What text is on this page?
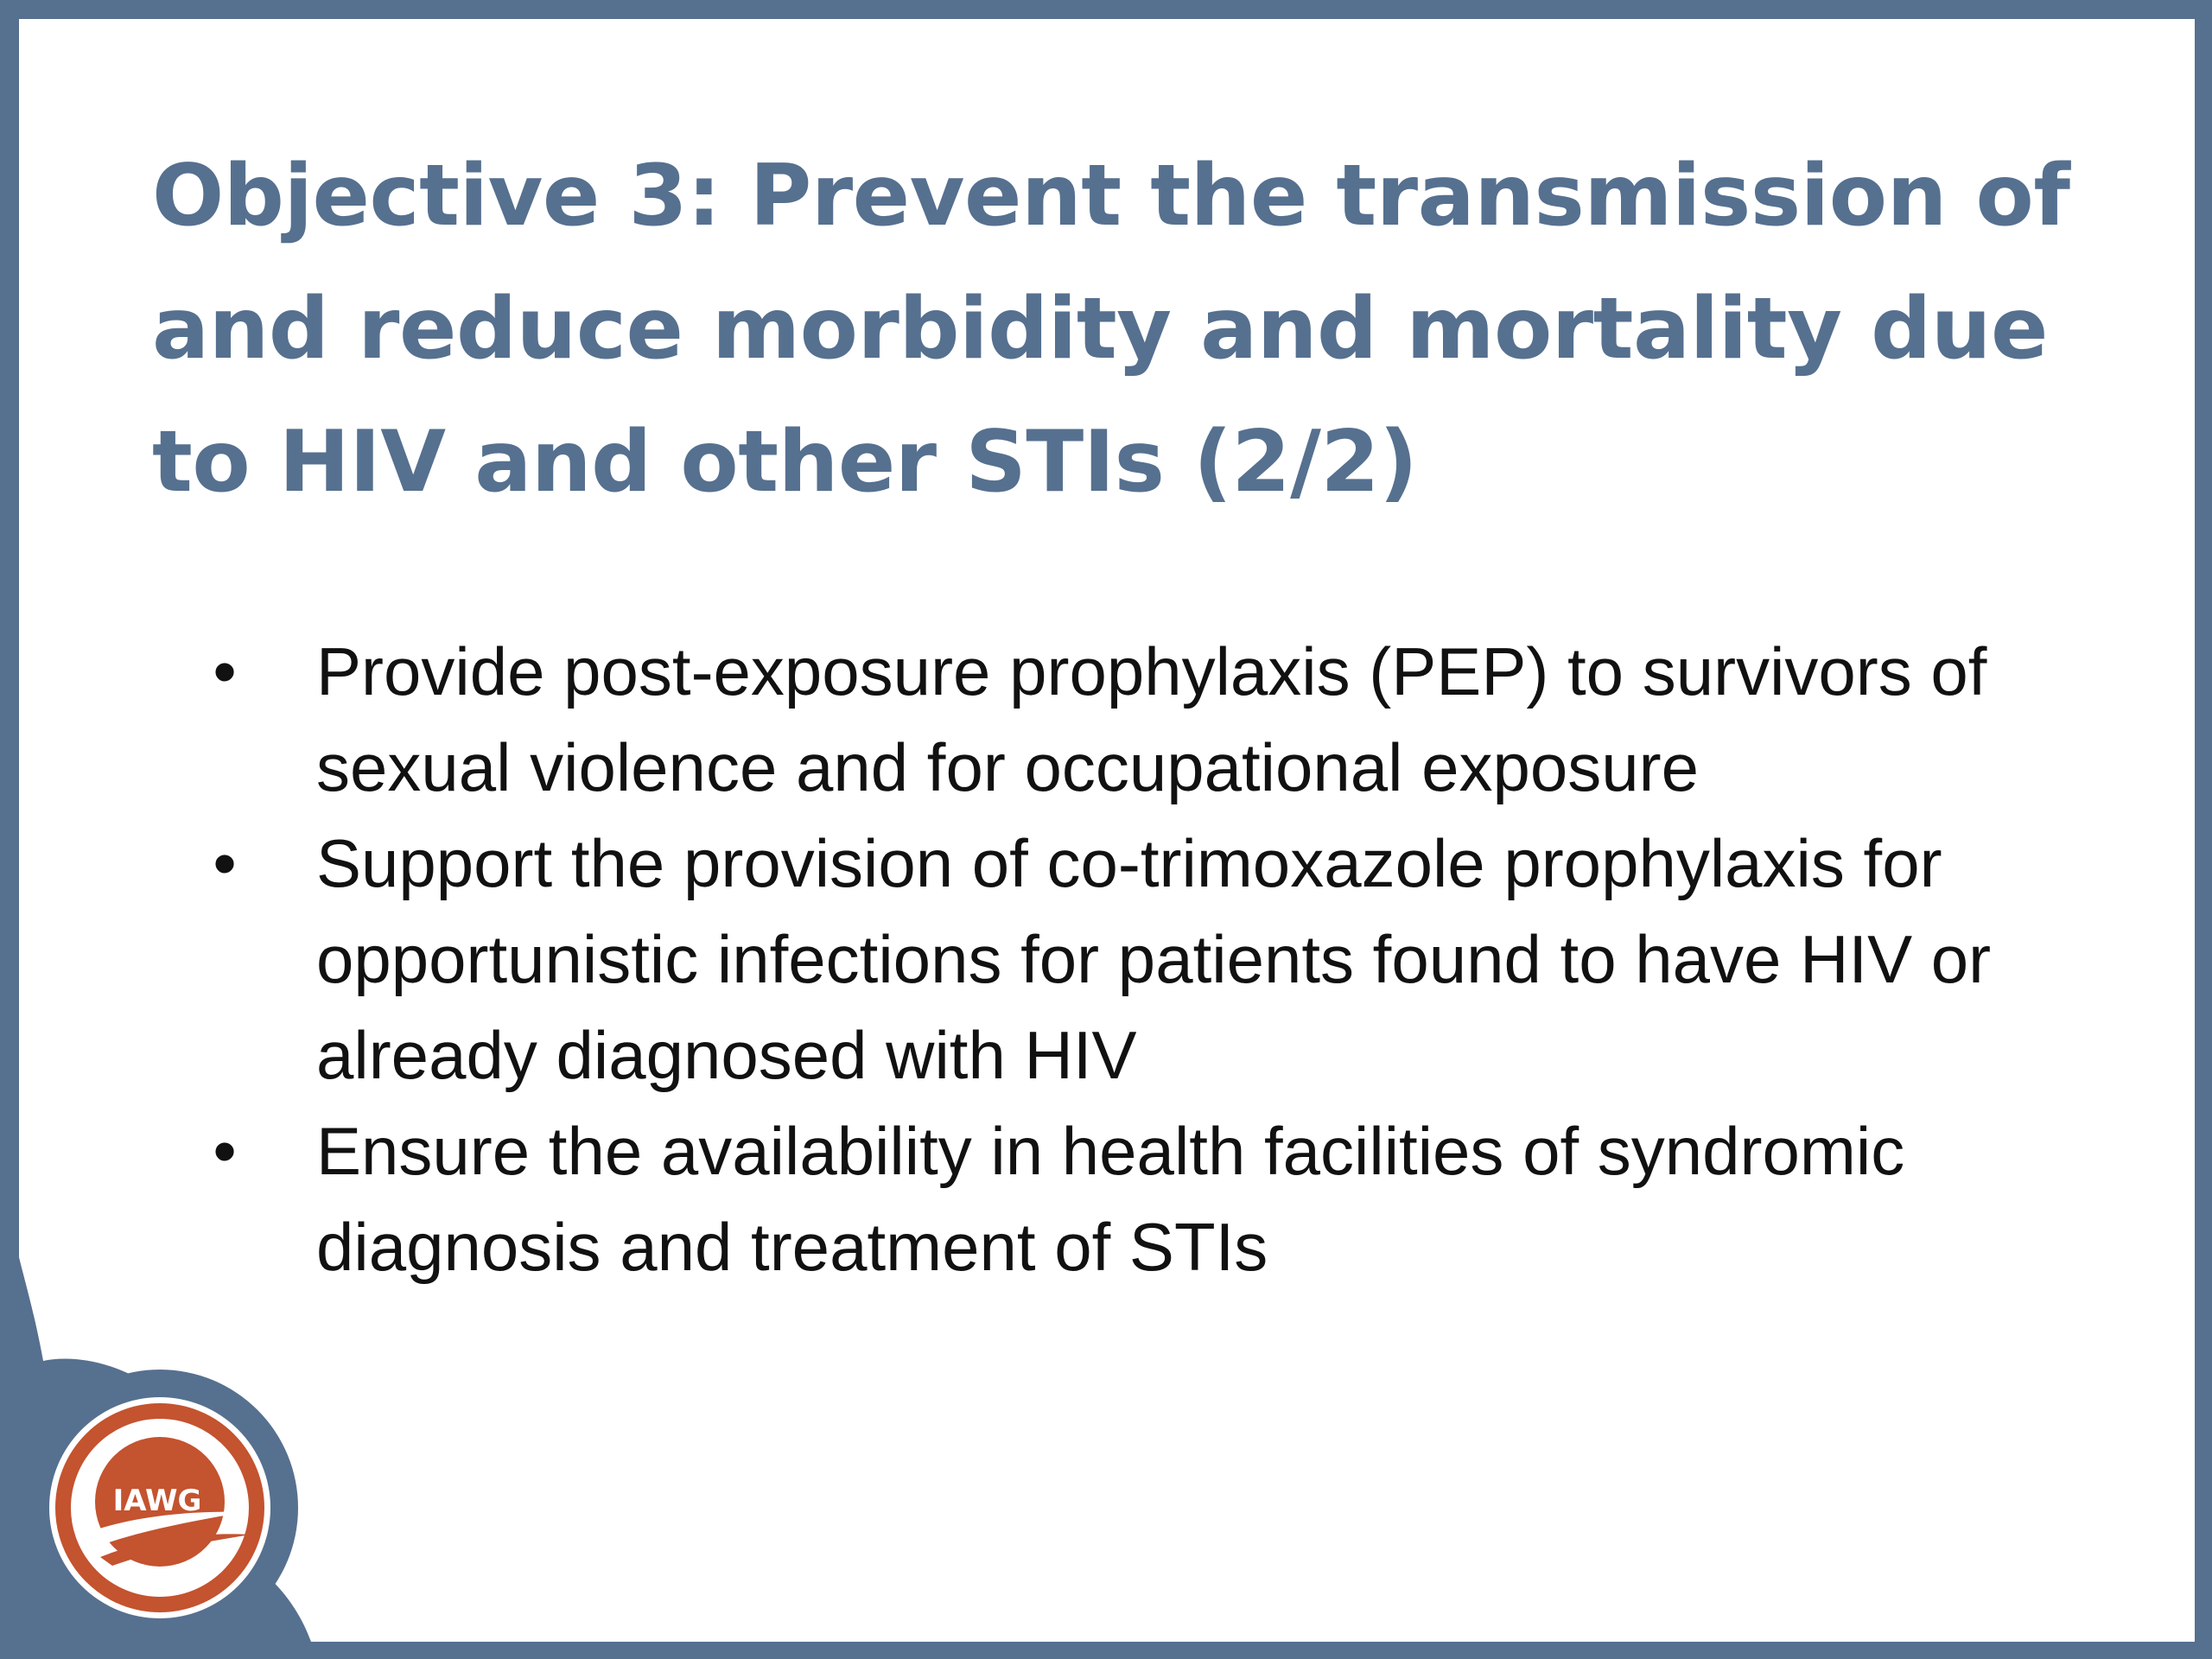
Objective 3: Prevent the transmission of and reduce morbidity and mortality due to HIV and other STIs (2/2)
• Provide post-exposure prophylaxis (PEP) to survivors of sexual violence and for occupational exposure
• Support the provision of co-trimoxazole prophylaxis for opportunistic infections for patients found to have HIV or already diagnosed with HIV
• Ensure the availability in health facilities of syndromic diagnosis and treatment of STIs
IAWG
